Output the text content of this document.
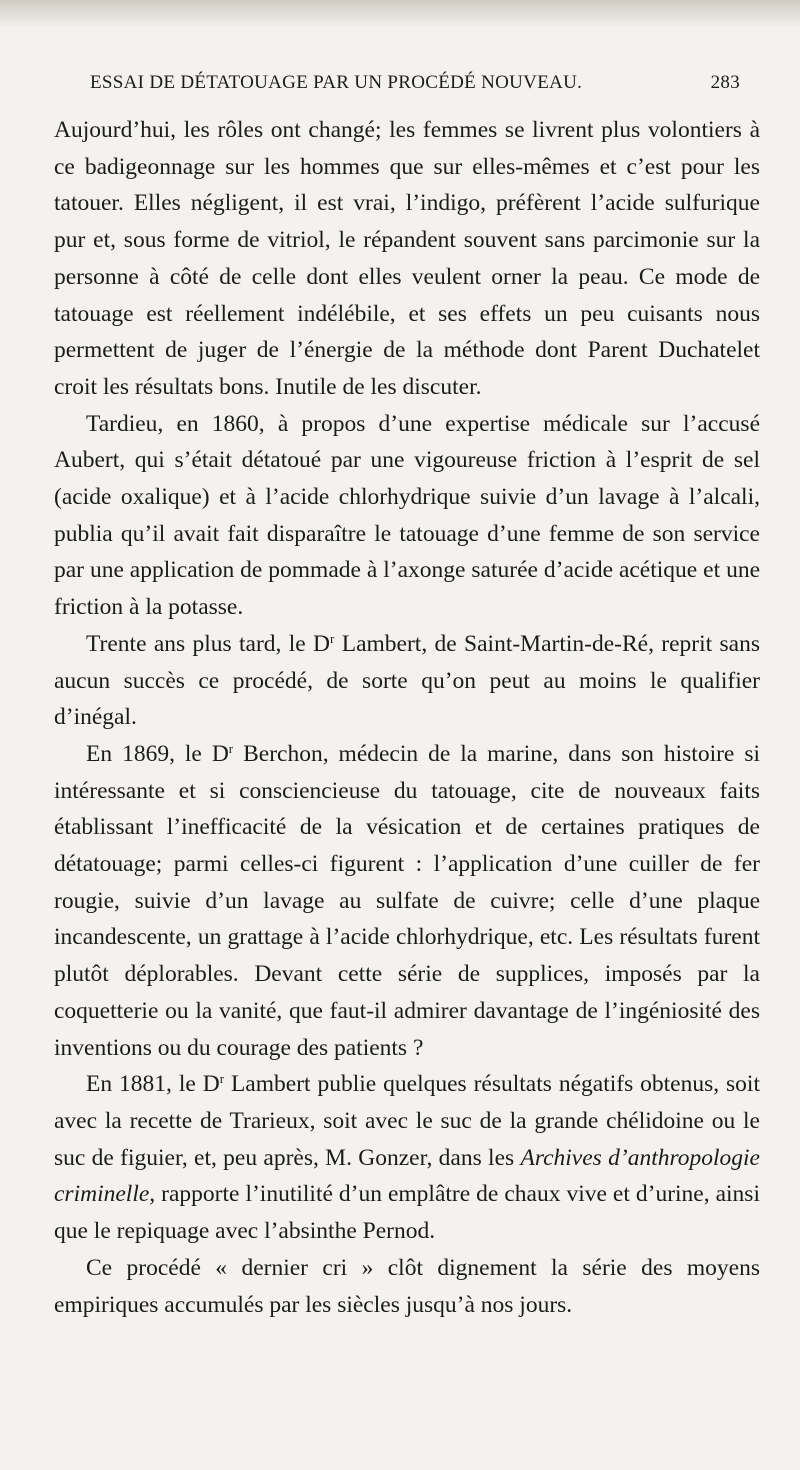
ESSAI DE DÉTATOUAGE PAR UN PROCÉDÉ NOUVEAU.	283

Aujourd’hui, les rôles ont changé; les femmes se livrent plus volontiers à ce badigeonnage sur les hommes que sur elles-mêmes et c’est pour les tatouer. Elles négligent, il est vrai, l’indigo, préfèrent l’acide sulfurique pur et, sous forme de vitriol, le répandent souvent sans parcimonie sur la personne à côté de celle dont elles veulent orner la peau. Ce mode de tatouage est réellement indélébile, et ses effets un peu cuisants nous permettent de juger de l’énergie de la méthode dont Parent Duchatelet croit les résultats bons. Inutile de les discuter.

Tardieu, en 1860, à propos d’une expertise médicale sur l’accusé Aubert, qui s’était détatoué par une vigoureuse friction à l’esprit de sel (acide oxalique) et à l’acide chlorhydrique suivie d’un lavage à l’alcali, publia qu’il avait fait disparaître le tatouage d’une femme de son service par une application de pommade à l’axonge saturée d’acide acétique et une friction à la potasse.

Trente ans plus tard, le $D^r$ Lambert, de Saint-Martin-de-Ré, reprit sans aucun succès ce procédé, de sorte qu’on peut au moins le qualifier d’inégal.

En 1869, le $D^r$ Berchon, médecin de la marine, dans son histoire si intéressante et si consciencieuse du tatouage, cite de nouveaux faits établissant l’inefficacité de la vésication et de certaines pratiques de détatouage; parmi celles-ci figurent : l’application d’une cuiller de fer rougie, suivie d’un lavage au sulfate de cuivre; celle d’une plaque incandescente, un grattage à l’acide chlorhydrique, etc. Les résultats furent plutôt déplorables. Devant cette série de supplices, imposés par la coquetterie ou la vanité, que faut-il admirer davantage de l’ingéniosité des inventions ou du courage des patients ?

En 1881, le $D^r$ Lambert publie quelques résultats négatifs obtenus, soit avec la recette de Trarieux, soit avec le suc de la grande chélidoine ou le suc de figuier, et, peu après, M. Gonzer, dans les Archives d’anthropologie criminelle, rapporte l’inutilité d’un emplâtre de chaux vive et d’urine, ainsi que le repiquage avec l’absinthe Pernod.

Ce procédé « dernier cri » clôt dignement la série des moyens empiriques accumulés par les siècles jusqu’à nos jours.
